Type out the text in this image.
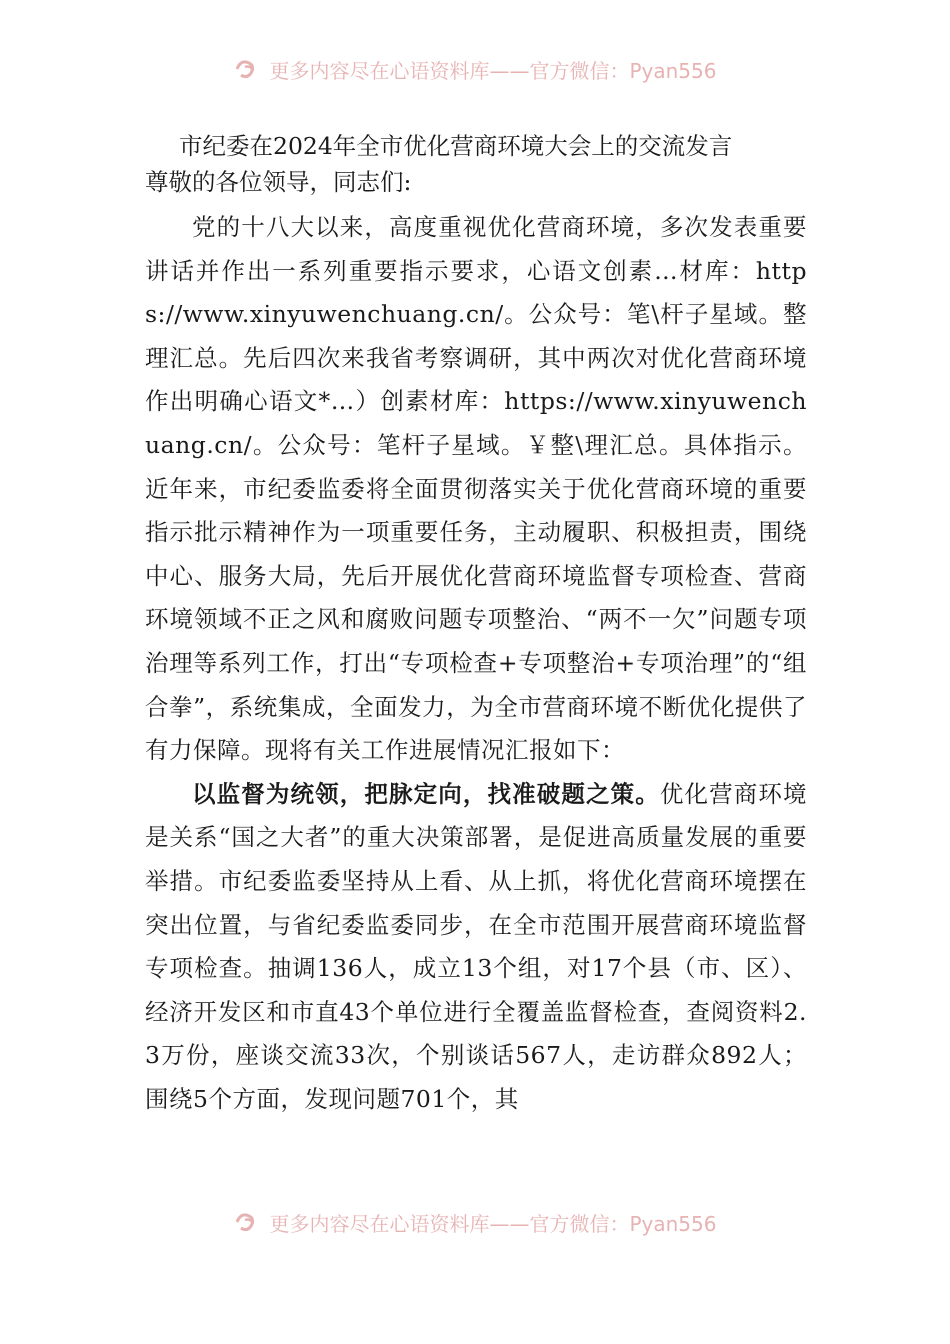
更多内容尽在心语资料库——官方微信：Pyan556
市纪委在2024年全市优化营商环境大会上的交流发言

尊敬的各位领导，同志们:

党的十八大以来，高度重视优化营商环境，多次发表重要讲话并作出一系列重要指示要求，心语文创素…材库：https://www.xinyuwenchuang.cn/。公众号：笔\杆子星域。整理汇总。先后四次来我省考察调研，其中两次对优化营商环境作出明确心语文*…）创素材库：https://www.xinyuwenchuang.cn/。公众号：笔杆子星域。￥整\理汇总。具体指示。近年来，市纪委监委将全面贯彻落实关于优化营商环境的重要指示批示精神作为一项重要任务，主动履职、积极担责，围绕中心、服务大局，先后开展优化营商环境监督专项检查、营商环境领域不正之风和腐败问题专项整治、“两不一欠”问题专项治理等系列工作，打出“专项检查+专项整治+专项治理”的“组合拳”，系统集成，全面发力，为全市营商环境不断优化提供了有力保障。现将有关工作进展情况汇报如下：

以监督为统领，把脉定向，找准破题之策。优化营商环境是关系“国之大者”的重大决策部署，是促进高质量发展的重要举措。市纪委监委坚持从上看、从上抓，将优化营商环境摆在突出位置，与省纪委监委同步，在全市范围开展营商环境监督专项检查。抽调136人，成立13个组，对17个县（市、区）、经济开发区和市直43个单位进行全覆盖监督检查，查阅资料2.3万份，座谈交流33次，个别谈话567人，走访群众892人；围绕5个方面，发现问题701个，其

更多内容尽在心语资料库——官方微信：Pyan556
